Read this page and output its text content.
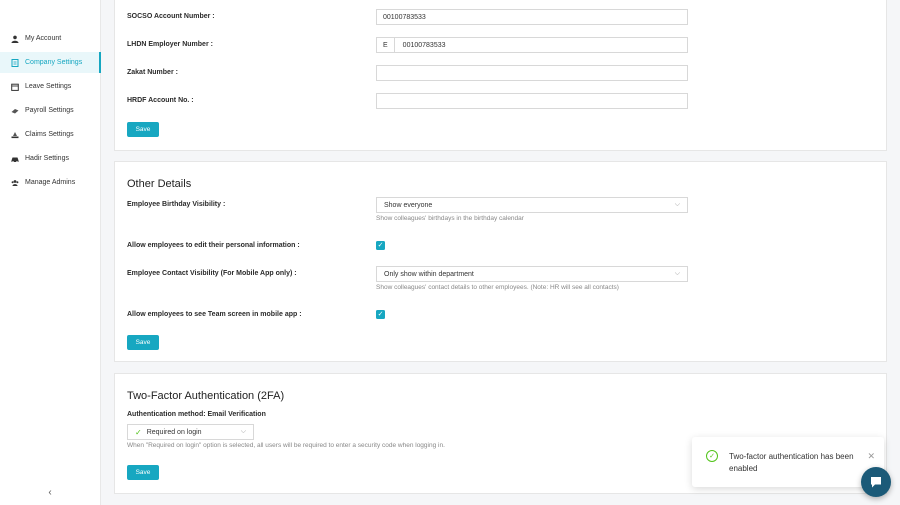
My Account
Company Settings
Leave Settings
Payroll Settings
Claims Settings
Hadir Settings
Manage Admins
‹
SOCSO Account Number :	00100783533
LHDN Employer Number :	E	00100783533
Zakat Number :
HRDF Account No. :
Save
Other Details
Employee Birthday Visibility :	Show everyone	⌵
Show colleagues' birthdays in the birthday calendar
Allow employees to edit their personal information :	✓
Employee Contact Visibility (For Mobile App only) :	Only show within department	⌵
Show colleagues' contact details to other employees. (Note: HR will see all contacts)
Allow employees to see Team screen in mobile app :	✓
Save
Two-Factor Authentication (2FA)
Authentication method: Email Verification
✓ Required on login	⌵
When "Required on login" option is selected, all users will be required to enter a security code when logging in.
Save
✓	Two-factor authentication has been enabled
✕
